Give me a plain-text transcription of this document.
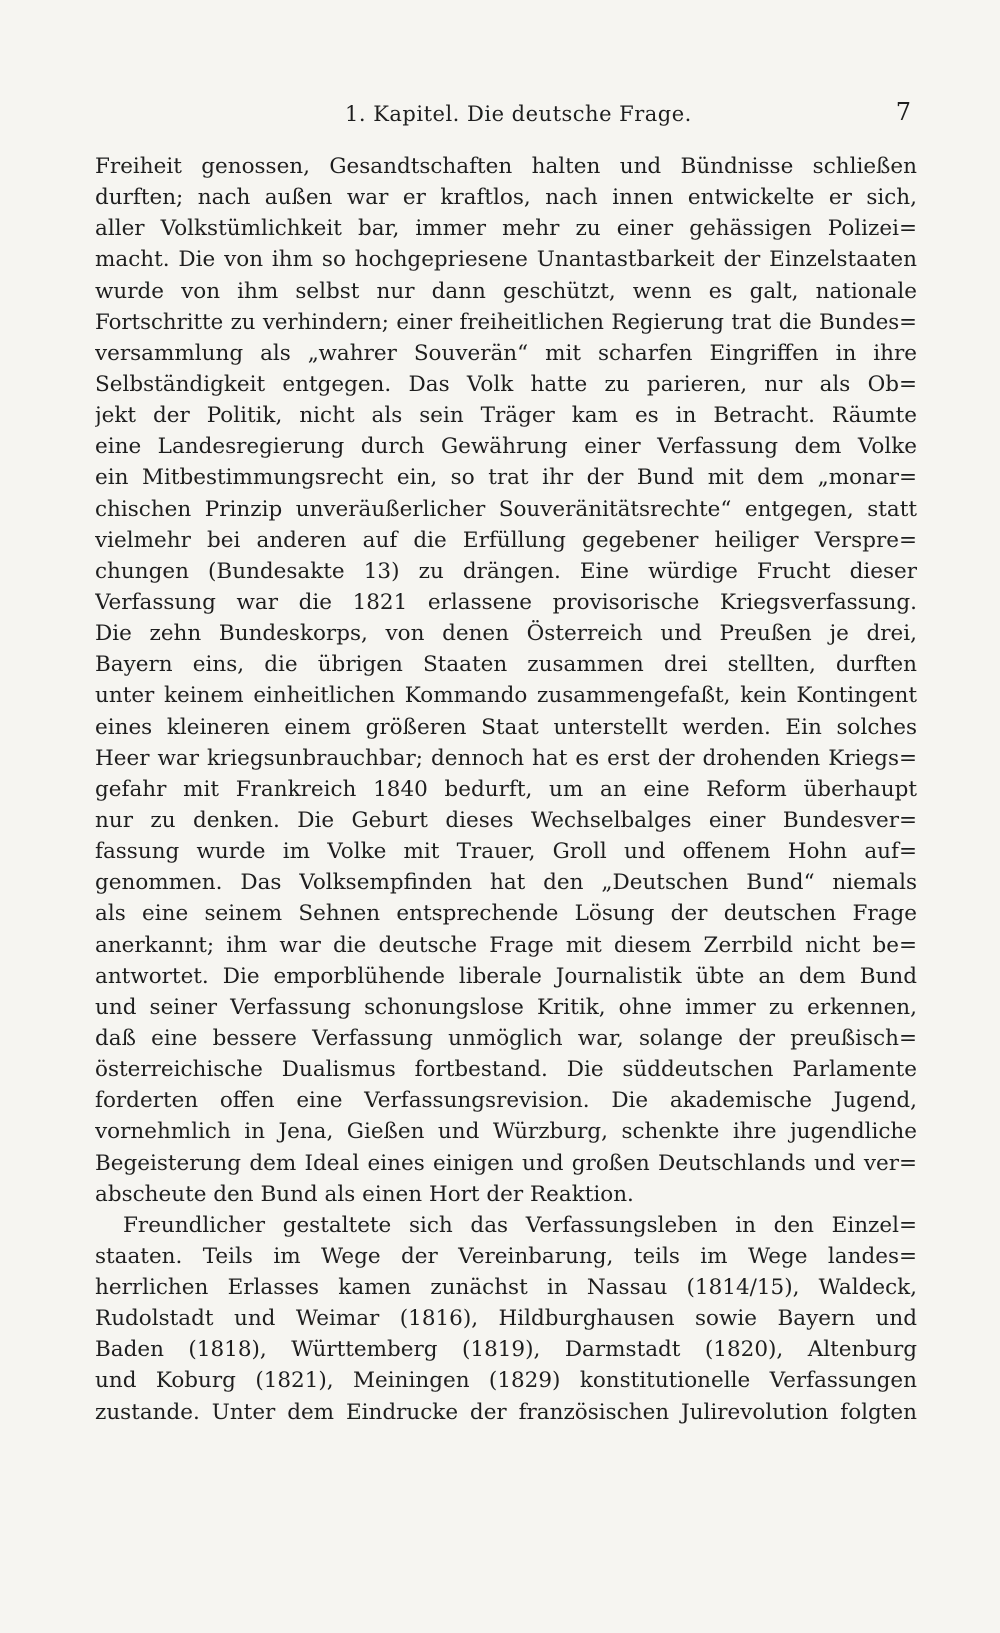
1. Kapitel. Die deutsche Frage.	7
Freiheit genossen, Gesandtschaften halten und Bündnisse schließen
durften; nach außen war er kraftlos, nach innen entwickelte er sich,
aller Volkstümlichkeit bar, immer mehr zu einer gehässigen Polizei=
macht. Die von ihm so hochgepriesene Unantastbarkeit der Einzelstaaten
wurde von ihm selbst nur dann geschützt, wenn es galt, nationale
Fortschritte zu verhindern; einer freiheitlichen Regierung trat die Bundes=
versammlung als „wahrer Souverän“ mit scharfen Eingriffen in ihre
Selbständigkeit entgegen. Das Volk hatte zu parieren, nur als Ob=
jekt der Politik, nicht als sein Träger kam es in Betracht. Räumte
eine Landesregierung durch Gewährung einer Verfassung dem Volke
ein Mitbestimmungsrecht ein, so trat ihr der Bund mit dem „monar=
chischen Prinzip unveräußerlicher Souveränitätsrechte“ entgegen, statt
vielmehr bei anderen auf die Erfüllung gegebener heiliger Verspre=
chungen (Bundesakte 13) zu drängen. Eine würdige Frucht dieser
Verfassung war die 1821 erlassene provisorische Kriegsverfassung.
Die zehn Bundeskorps, von denen Österreich und Preußen je drei,
Bayern eins, die übrigen Staaten zusammen drei stellten, durften
unter keinem einheitlichen Kommando zusammengefaßt, kein Kontingent
eines kleineren einem größeren Staat unterstellt werden. Ein solches
Heer war kriegsunbrauchbar; dennoch hat es erst der drohenden Kriegs=
gefahr mit Frankreich 1840 bedurft, um an eine Reform überhaupt
nur zu denken. Die Geburt dieses Wechselbalges einer Bundesver=
fassung wurde im Volke mit Trauer, Groll und offenem Hohn auf=
genommen. Das Volksempfinden hat den „Deutschen Bund“ niemals
als eine seinem Sehnen entsprechende Lösung der deutschen Frage
anerkannt; ihm war die deutsche Frage mit diesem Zerrbild nicht be=
antwortet. Die emporblühende liberale Journalistik übte an dem Bund
und seiner Verfassung schonungslose Kritik, ohne immer zu erkennen,
daß eine bessere Verfassung unmöglich war, solange der preußisch=
österreichische Dualismus fortbestand. Die süddeutschen Parlamente
forderten offen eine Verfassungsrevision. Die akademische Jugend,
vornehmlich in Jena, Gießen und Würzburg, schenkte ihre jugendliche
Begeisterung dem Ideal eines einigen und großen Deutschlands und ver=
abscheute den Bund als einen Hort der Reaktion.
Freundlicher gestaltete sich das Verfassungsleben in den Einzel=
staaten. Teils im Wege der Vereinbarung, teils im Wege landes=
herrlichen Erlasses kamen zunächst in Nassau (1814/15), Waldeck,
Rudolstadt und Weimar (1816), Hildburghausen sowie Bayern und
Baden (1818), Württemberg (1819), Darmstadt (1820), Altenburg
und Koburg (1821), Meiningen (1829) konstitutionelle Verfassungen
zustande. Unter dem Eindrucke der französischen Julirevolution folgten
